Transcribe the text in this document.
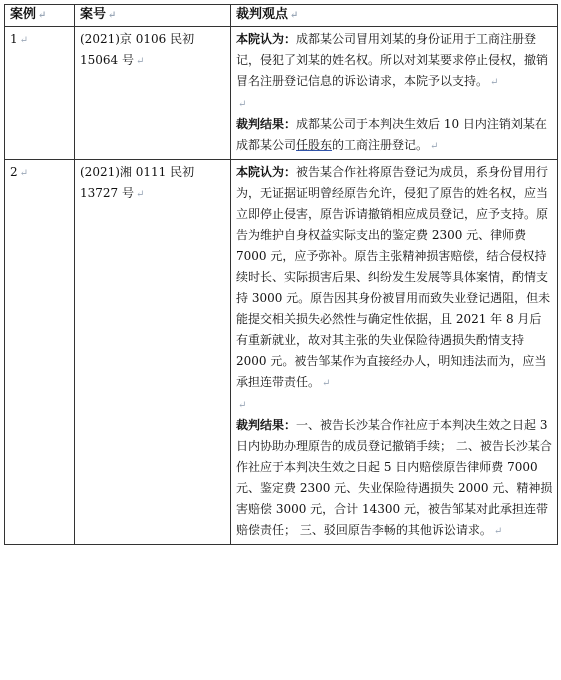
案例 ↵	案号 ↵	裁判观点 ↵
1 ↵	(2021)京 0106 民初 15064 号 ↵	本院认为：成都某公司冒用刘某的身份证用于工商注册登记，侵犯了刘某的姓名权。所以对刘某要求停止侵权，撤销冒名注册登记信息的诉讼请求，本院予以支持。 ↵

↵

裁判结果：成都某公司于本判决生效后 10 日内注销刘某在成都某公司任股东的工商注册登记。 ↵

2 ↵	(2021)湘 0111 民初 13727 号 ↵	本院认为：被告某合作社将原告登记为成员，系身份冒用行为，无证据证明曾经原告允许，侵犯了原告的姓名权，应当立即停止侵害，原告诉请撤销相应成员登记，应予支持。原告为维护自身权益实际支出的鉴定费 2300 元、律师费 7000 元，应予弥补。原告主张精神损害赔偿，结合侵权持续时长、实际损害后果、纠纷发生发展等具体案情，酌情支持 3000 元。原告因其身份被冒用而致失业登记遇阻，但未能提交相关损失必然性与确定性依据，且 2021 年 8 月后有重新就业，故对其主张的失业保险待遇损失酌情支持 2000 元。被告邹某作为直接经办人，明知违法而为，应当承担连带责任。 ↵

↵

裁判结果：一、被告长沙某合作社应于本判决生效之日起 3 日内协助办理原告的成员登记撤销手续； 二、被告长沙某合作社应于本判决生效之日起 5 日内赔偿原告律师费 7000 元、鉴定费 2300 元、失业保险待遇损失 2000 元、精神损害赔偿 3000 元，合计 14300 元，被告邹某对此承担连带赔偿责任； 三、驳回原告李畅的其他诉讼请求。 ↵
